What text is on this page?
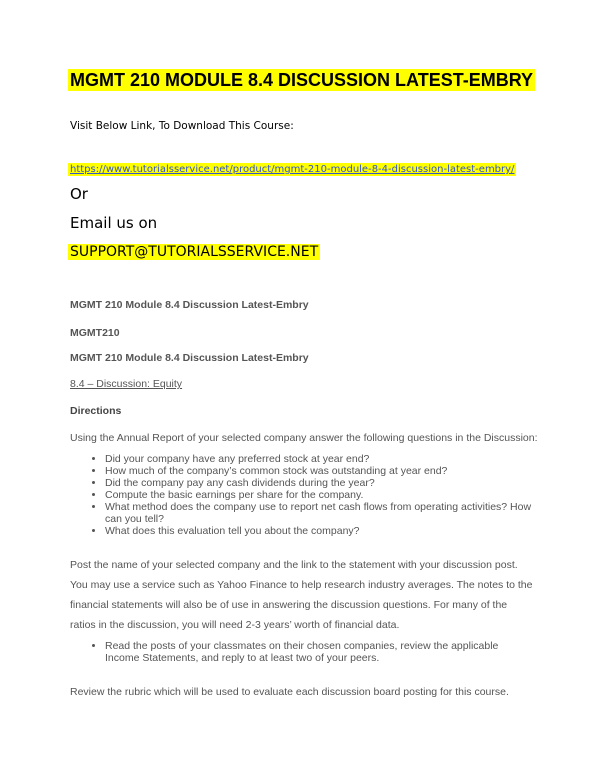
MGMT 210 MODULE 8.4 DISCUSSION LATEST-EMBRY
Visit Below Link, To Download This Course:
https://www.tutorialsservice.net/product/mgmt-210-module-8-4-discussion-latest-embry/
Or
Email us on
SUPPORT@TUTORIALSSERVICE.NET
MGMT 210 Module 8.4 Discussion Latest-Embry
MGMT210
MGMT 210 Module 8.4 Discussion Latest-Embry
8.4 – Discussion: Equity
Directions
Using the Annual Report of your selected company answer the following questions in the Discussion:
• Did your company have any preferred stock at year end?
• How much of the company’s common stock was outstanding at year end?
• Did the company pay any cash dividends during the year?
• Compute the basic earnings per share for the company.
• What method does the company use to report net cash flows from operating activities? How can you tell?
• What does this evaluation tell you about the company?

Post the name of your selected company and the link to the statement with your discussion post. You may use a service such as Yahoo Finance to help research industry averages. The notes to the financial statements will also be of use in answering the discussion questions. For many of the ratios in the discussion, you will need 2-3 years’ worth of financial data.

• Read the posts of your classmates on their chosen companies, review the applicable Income Statements, and reply to at least two of your peers.
Review the rubric which will be used to evaluate each discussion board posting for this course.
